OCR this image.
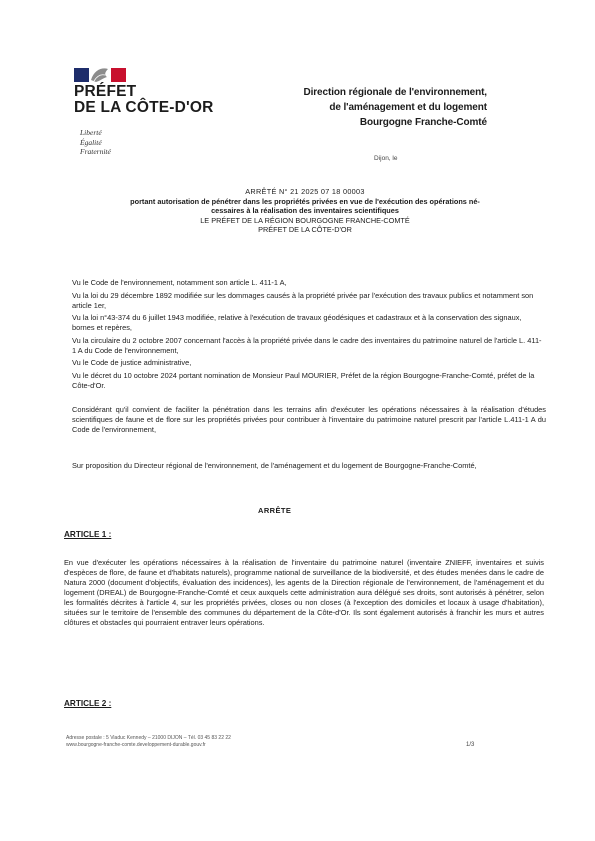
PRÉFET
DE LA CÔTE-D'OR
Liberté
Égalité
Fraternité
Direction régionale de l'environnement,
de l'aménagement et du logement
Bourgogne Franche-Comté
Dijon, le
ARRÊTÉ N° 21 2025 07 18 00003
portant autorisation de pénétrer dans les propriétés privées en vue de l'exécution des opérations né-
cessaires à la réalisation des inventaires scientifiques
LE PRÉFET DE LA RÉGION BOURGOGNE FRANCHE-COMTÉ
PRÉFET DE LA CÔTE-D'OR

Vu le Code de l'environnement, notamment son article L. 411-1 A,

Vu la loi du 29 décembre 1892 modifiée sur les dommages causés à la propriété privée par l'exécution des travaux publics et notamment son article 1er,

Vu la loi n°43-374 du 6 juillet 1943 modifiée, relative à l'exécution de travaux géodésiques et cadastraux et à la conservation des signaux, bornes et repères,

Vu la circulaire du 2 octobre 2007 concernant l'accès à la propriété privée dans le cadre des inventaires du patrimoine naturel de l'article L. 411-1 A du Code de l'environnement,

Vu le Code de justice administrative,

Vu le décret du 10 octobre 2024 portant nomination de Monsieur Paul MOURIER, Préfet de la région Bourgogne-Franche-Comté, préfet de la Côte-d'Or.

Considérant qu'il convient de faciliter la pénétration dans les terrains afin d'exécuter les opérations nécessaires à la réalisation d'études scientifiques de faune et de flore sur les propriétés privées pour contribuer à l'inventaire du patrimoine naturel prescrit par l'article L.411-1 A du Code de l'environnement,
Sur proposition du Directeur régional de l'environnement, de l'aménagement et du logement de Bourgogne-Franche-Comté,
ARRÊTE
ARTICLE 1 :
En vue d'exécuter les opérations nécessaires à la réalisation de l'inventaire du patrimoine naturel (inventaire ZNIEFF, inventaires et suivis d'espèces de flore, de faune et d'habitats naturels), programme national de surveillance de la biodiversité, et des études menées dans le cadre de Natura 2000 (document d'objectifs, évaluation des incidences), les agents de la Direction régionale de l'environnement, de l'aménagement et du logement (DREAL) de Bourgogne-Franche-Comté et ceux auxquels cette administration aura délégué ses droits, sont autorisés à pénétrer, selon les formalités décrites à l'article 4, sur les propriétés privées, closes ou non closes (à l'exception des domiciles et locaux à usage d'habitation), situées sur le territoire de l'ensemble des communes du département de la Côte-d'Or. Ils sont également autorisés à franchir les murs et autres clôtures et obstacles qui pourraient entraver leurs opérations.
ARTICLE 2 :
Adresse postale : 5 Viaduc Kennedy – 21000 DIJON – Tél. 03 45 83 22 22
www.bourgogne-franche-comte.developpement-durable.gouv.fr	1/3
